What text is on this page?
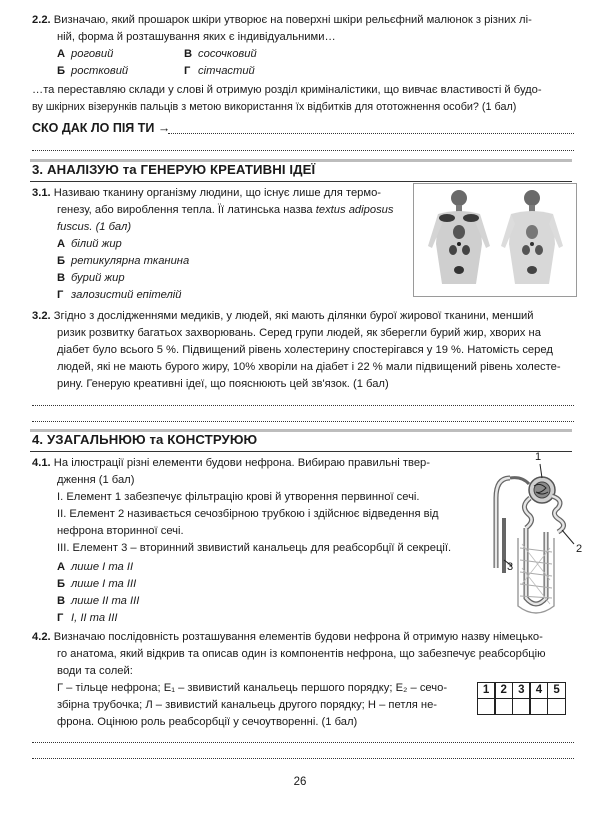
2.2. Визначаю, який прошарок шкіри утворює на поверхні шкіри рельєфний малюнок з різних лі-
ній, форма й розташування яких є індивідуальними…
А роговий	В сосочковий
Б ростковий	Г сітчастий
…та переставляю склади у слові й отримую розділ криміналістики, що вивчає властивості й будо-
ву шкірних візерунків пальців з метою використання їх відбитків для ототожнення особи? (1 бал)
СКО ДАК ЛО ПІЯ ТИ →
3. АНАЛІЗУЮ та ГЕНЕРУЮ КРЕАТИВНІ ІДЕЇ
3.1. Називаю тканину організму людини, що існує лише для термо-
генезу, або вироблення тепла. Її латинська назва textus adiposus
fuscus. (1 бал)
А білий жир
Б ретикулярна тканина
В бурий жир
Г залозистий епітелій
3.2. Згідно з дослідженнями медиків, у людей, які мають ділянки бурої жирової тканини, менший
ризик розвитку багатьох захворювань. Серед групи людей, як зберегли бурий жир, хворих на
діабет було всього 5 %. Підвищений рівень холестерину спостерігався у 19 %. Натомість серед
людей, які не мають бурого жиру, 10% хворіли на діабет і 22 % мали підвищений рівень холесте-
рину. Генерую креативні ідеї, що пояснюють цей зв'язок. (1 бал)
4. УЗАГАЛЬНЮЮ та КОНСТРУЮЮ
4.1. На ілюстрації різні елементи будови нефрона. Вибираю правильні твер-
дження (1 бал)
І. Елемент 1 забезпечує фільтрацію крові й утворення первинної сечі.
ІІ. Елемент 2 називається сечозбірною трубкою і здійснює відведення від
нефрона вторинної сечі.
ІІІ. Елемент 3 – вторинний звивистий канальець для реабсорбції й секреції.
А лише І та ІІ
Б лише І та ІІІ
В лише ІІ та ІІІ
Г І, ІІ та ІІІ
1
2
3
4.2. Визначаю послідовність розташування елементів будови нефрона й отримую назву німецько-
го анатома, який відкрив та описав один із компонентів нефрона, що забезпечує реабсорбцію
води та солей:
Г – тільце нефрона; Е₁ – звивистий канальець першого порядку; Е₂ – сечо-
збірна трубочка; Л – звивистий канальець другого порядку; Н – петля не-
фрона. Оцінюю роль реабсорбції у сечоутворенні. (1 бал)
1 2 3 4 5
26
